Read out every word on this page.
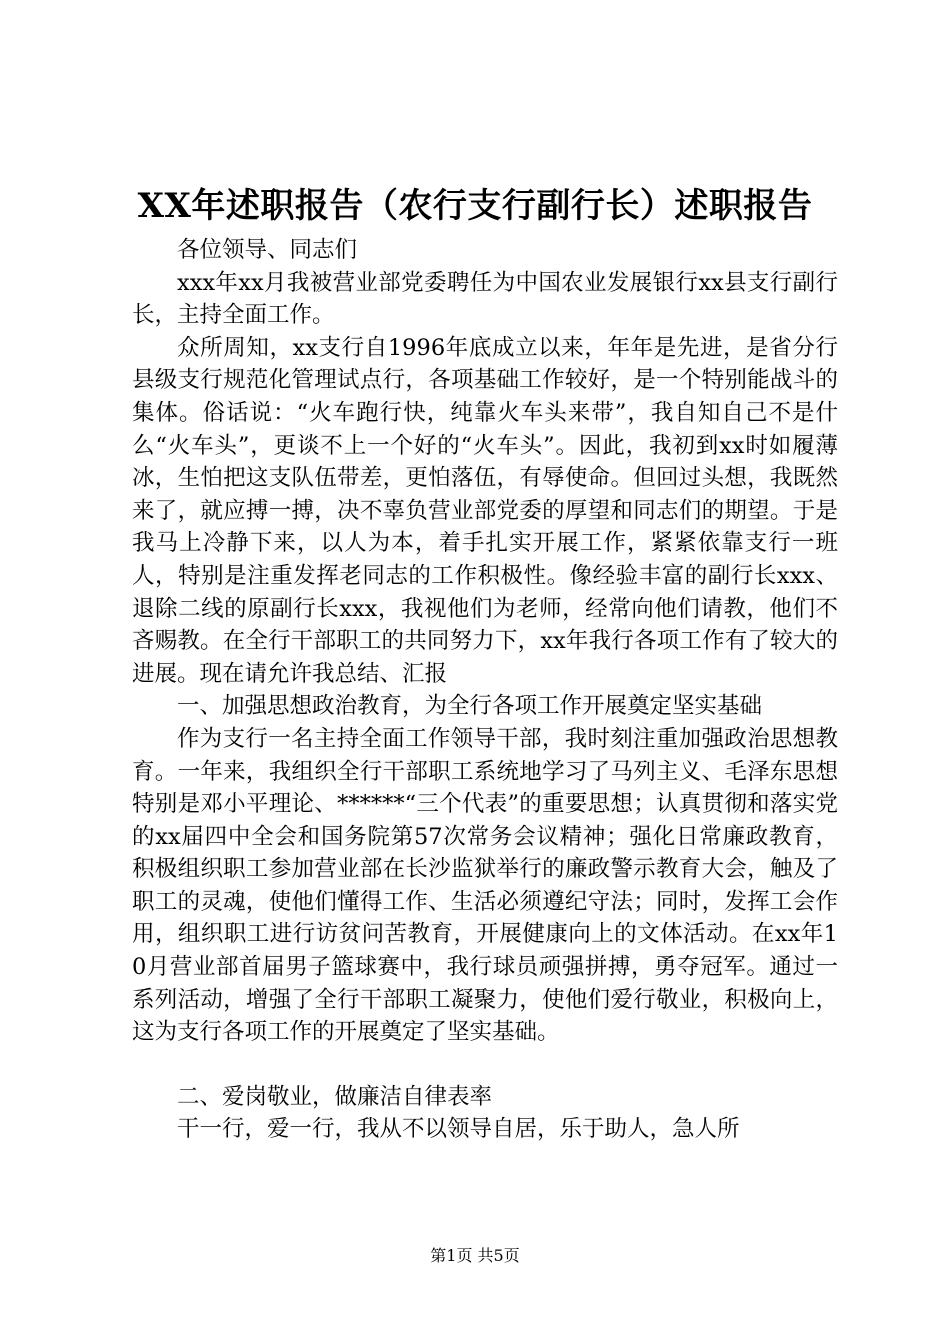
XX年述职报告（农行支行副行长）述职报告

各位领导、同志们

xxx年xx月我被营业部党委聘任为中国农业发展银行xx县支行副行长，主持全面工作。

众所周知，xx支行自1996年底成立以来，年年是先进，是省分行县级支行规范化管理试点行，各项基础工作较好，是一个特别能战斗的集体。俗话说：“火车跑行快，纯靠火车头来带”，我自知自己不是什么“火车头”，更谈不上一个好的“火车头”。因此，我初到xx时如履薄冰，生怕把这支队伍带差，更怕落伍，有辱使命。但回过头想，我既然来了，就应搏一搏，决不辜负营业部党委的厚望和同志们的期望。于是我马上冷静下来，以人为本，着手扎实开展工作，紧紧依靠支行一班人，特别是注重发挥老同志的工作积极性。像经验丰富的副行长xxx、退除二线的原副行长xxx，我视他们为老师，经常向他们请教，他们不吝赐教。在全行干部职工的共同努力下，xx年我行各项工作有了较大的进展。现在请允许我总结、汇报

一、加强思想政治教育，为全行各项工作开展奠定坚实基础

作为支行一名主持全面工作领导干部，我时刻注重加强政治思想教育。一年来，我组织全行干部职工系统地学习了马列主义、毛泽东思想特别是邓小平理论、******“三个代表”的重要思想；认真贯彻和落实党的xx届四中全会和国务院第57次常务会议精神；强化日常廉政教育，积极组织职工参加营业部在长沙监狱举行的廉政警示教育大会，触及了职工的灵魂，使他们懂得工作、生活必须遵纪守法；同时，发挥工会作用，组织职工进行访贫问苦教育，开展健康向上的文体活动。在xx年10月营业部首届男子篮球赛中，我行球员顽强拼搏，勇夺冠军。通过一系列活动，增强了全行干部职工凝聚力，使他们爱行敬业，积极向上，这为支行各项工作的开展奠定了坚实基础。

二、爱岗敬业，做廉洁自律表率

干一行，爱一行，我从不以领导自居，乐于助人，急人所

第1页 共5页
